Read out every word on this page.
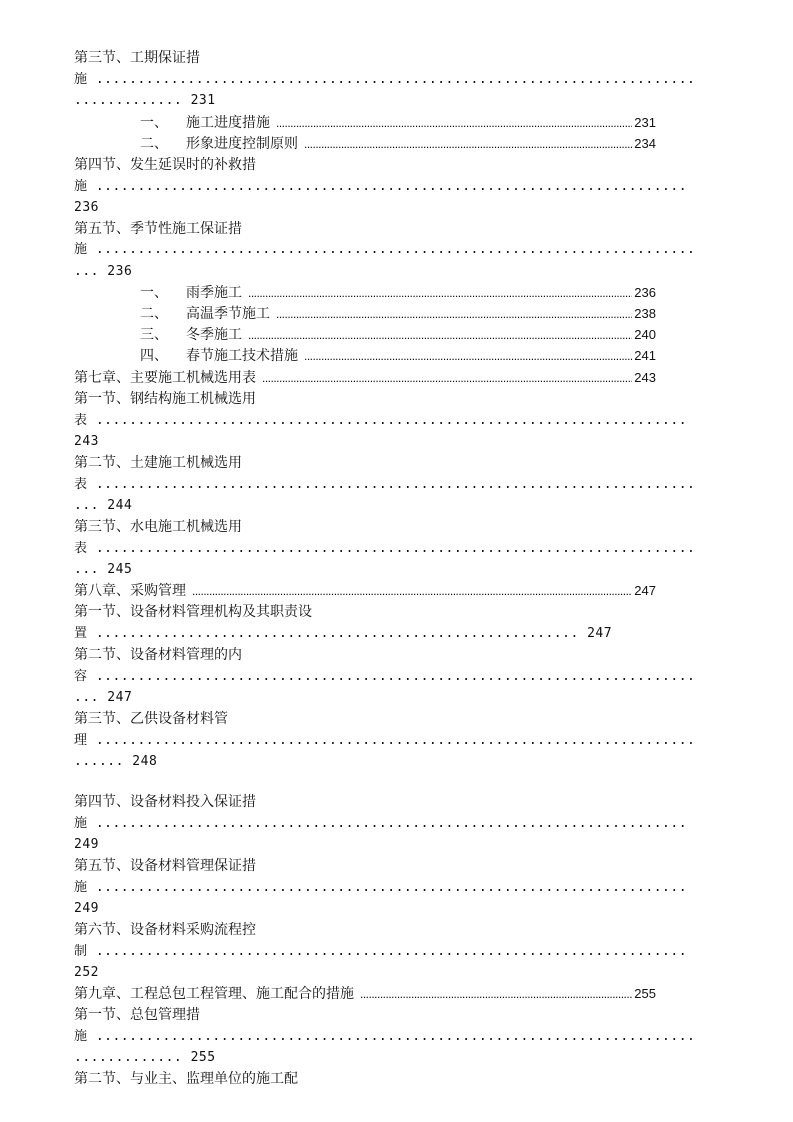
第三节、工期保证措
施 ........................................................................
............. 231
一、	施工进度措施 .....	231
二、	形象进度控制原则 .....	234
第四节、发生延误时的补救措
施 .......................................................................
236
第五节、季节性施工保证措
施 ........................................................................
... 236
一、	雨季施工 .....	236
二、	高温季节施工 .....	238
三、	冬季施工 .....	240
四、	春节施工技术措施 .....	241
第七章、主要施工机械选用表 .....	243
第一节、钢结构施工机械选用
表 .......................................................................
243
第二节、土建施工机械选用
表 ........................................................................
... 244
第三节、水电施工机械选用
表 ........................................................................
... 245
第八章、采购管理 .....	247
第一节、设备材料管理机构及其职责设
置 .......................................................... 247
第二节、设备材料管理的内
容 ........................................................................
... 247
第三节、乙供设备材料管
理 ........................................................................
...... 248
第四节、设备材料投入保证措
施 .......................................................................
249
第五节、设备材料管理保证措
施 .......................................................................
249
第六节、设备材料采购流程控
制 .......................................................................
252
第九章、工程总包工程管理、施工配合的措施 .....	255
第一节、总包管理措
施 ........................................................................
............. 255
第二节、与业主、监理单位的施工配
